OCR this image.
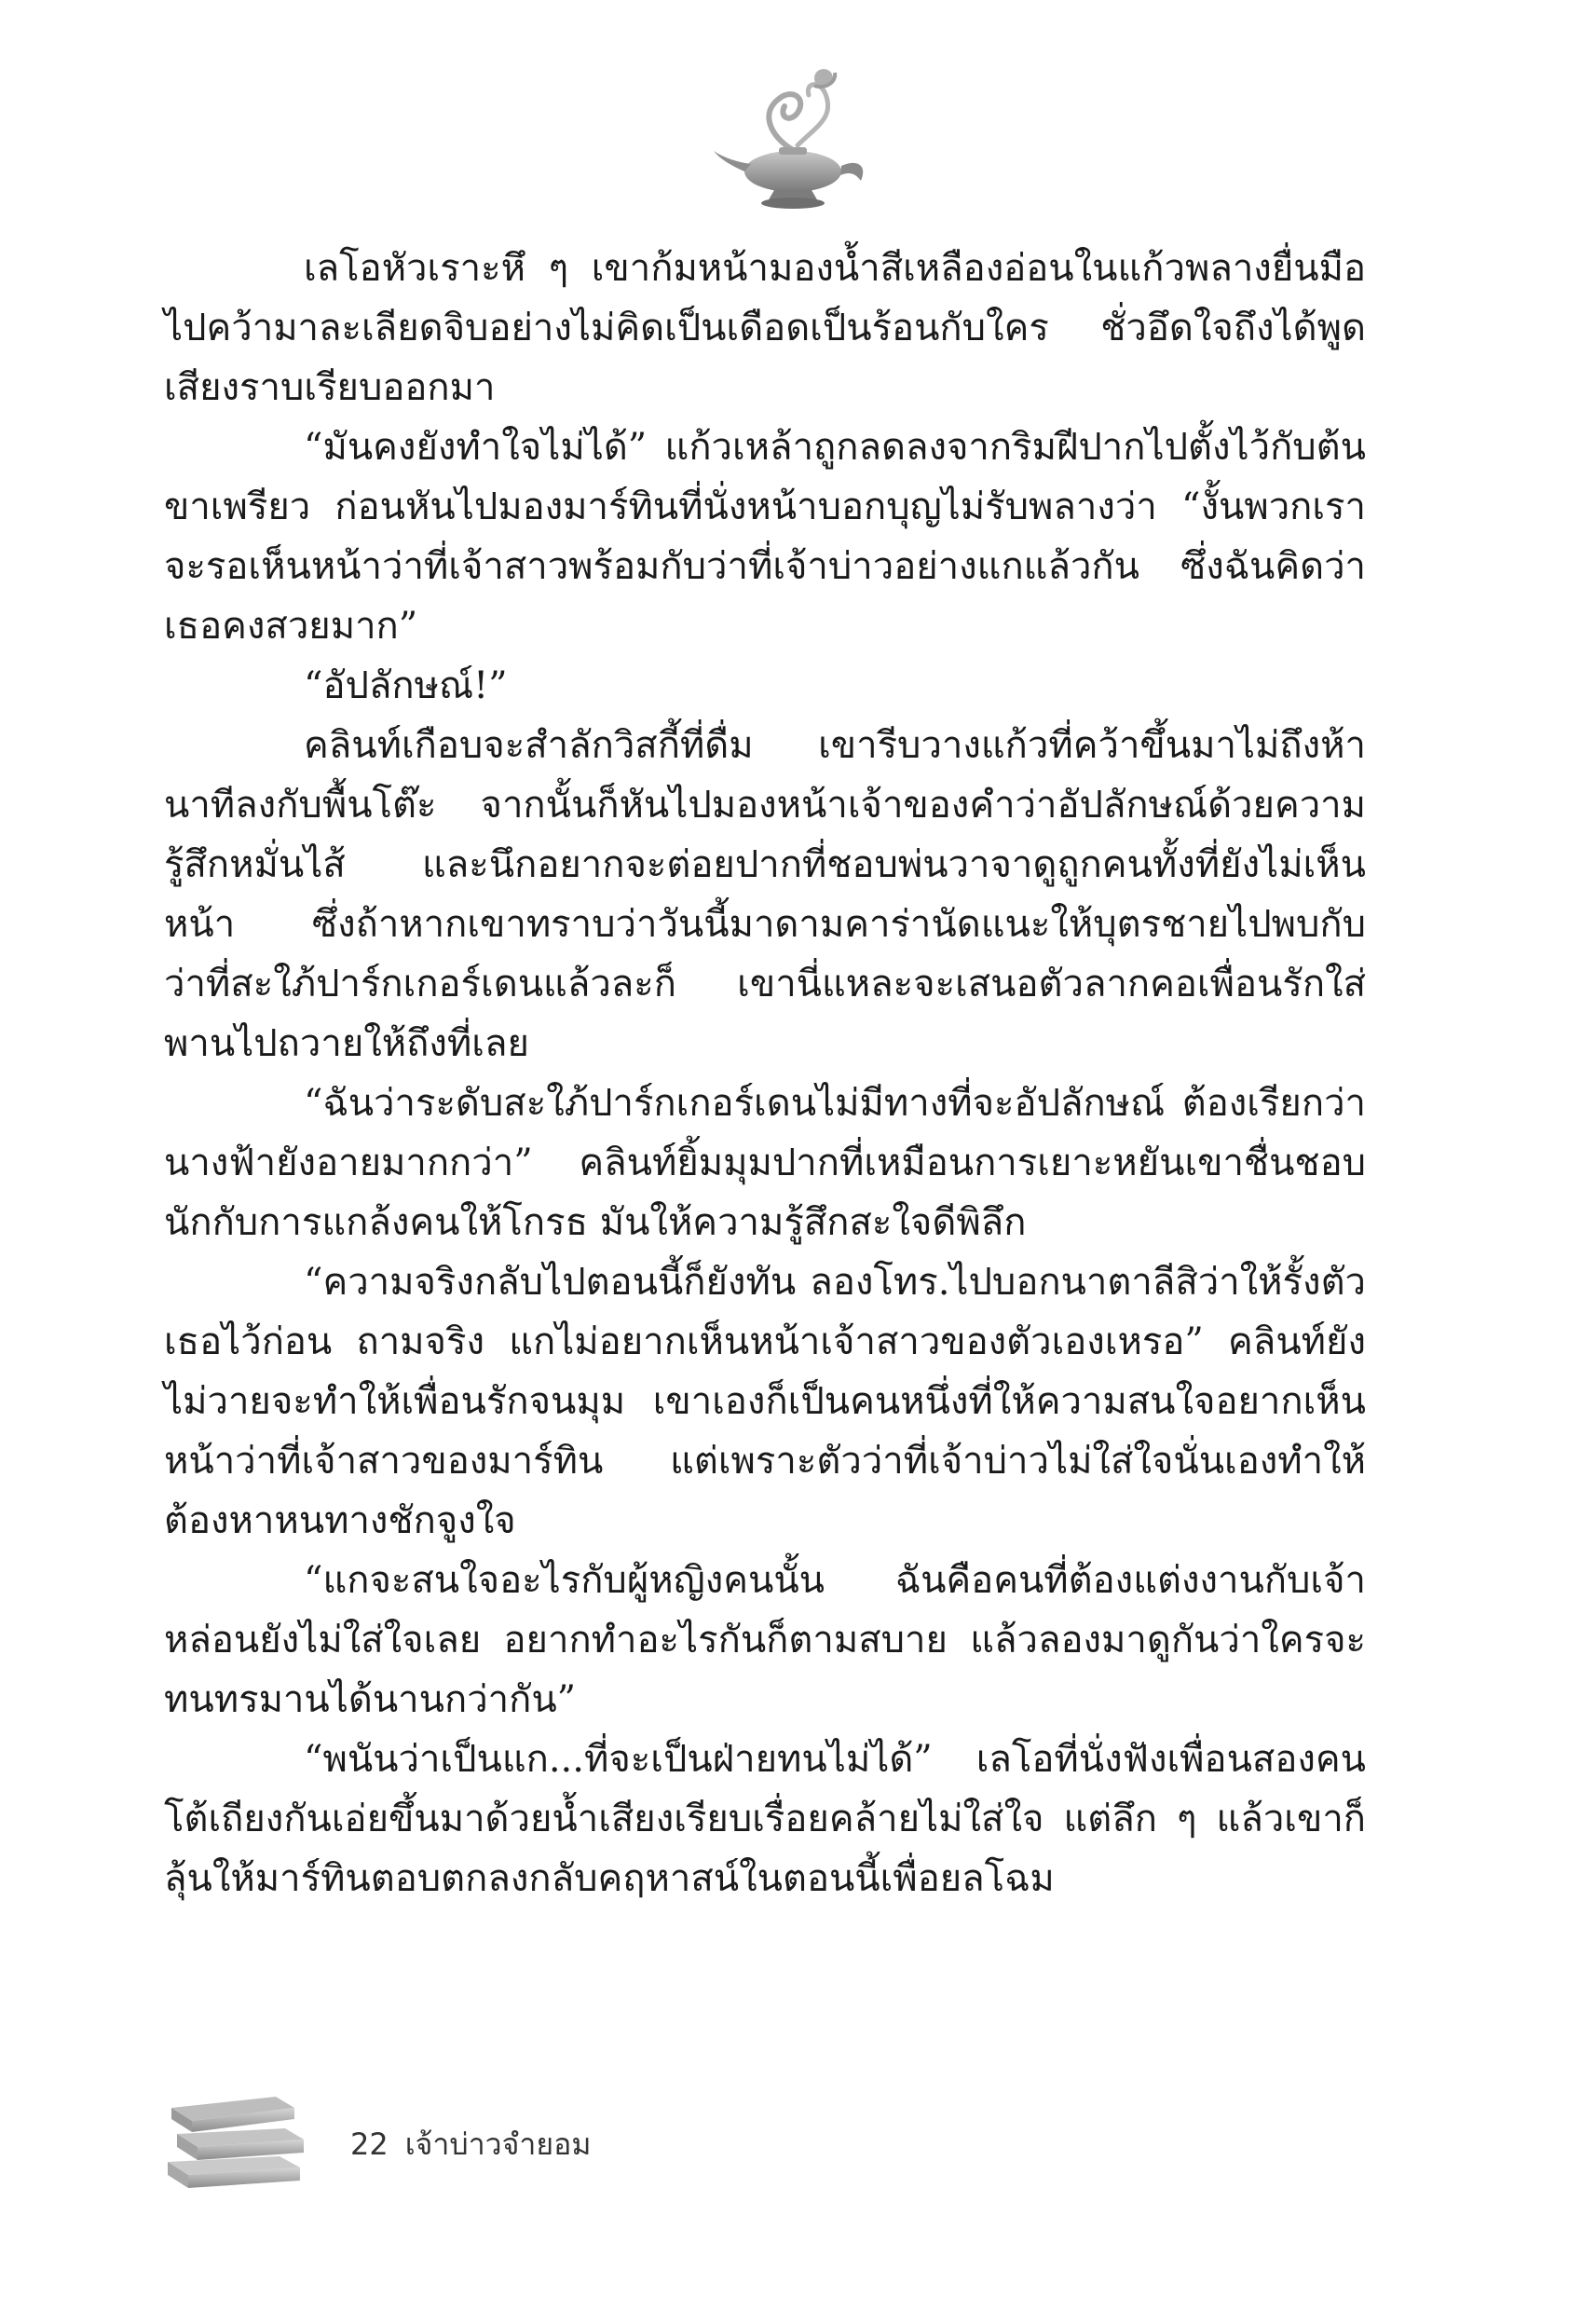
เลโอหัวเราะหึ ๆ เขาก้มหน้ามองน้ำสีเหลืองอ่อนในแก้วพลางยื่นมือไปคว้ามาละเลียดจิบอย่างไม่คิดเป็นเดือดเป็นร้อนกับใคร ชั่วอึดใจถึงได้พูดเสียงราบเรียบออกมา

“มันคงยังทำใจไม่ได้” แก้วเหล้าถูกลดลงจากริมฝีปากไปตั้งไว้กับต้นขาเพรียว ก่อนหันไปมองมาร์ทินที่นั่งหน้าบอกบุญไม่รับพลางว่า “งั้นพวกเราจะรอเห็นหน้าว่าที่เจ้าสาวพร้อมกับว่าที่เจ้าบ่าวอย่างแกแล้วกัน ซึ่งฉันคิดว่าเธอคงสวยมาก”

“อัปลักษณ์!”

คลินท์เกือบจะสำลักวิสกี้ที่ดื่ม เขารีบวางแก้วที่คว้าขึ้นมาไม่ถึงห้านาทีลงกับพื้นโต๊ะ จากนั้นก็หันไปมองหน้าเจ้าของคำว่าอัปลักษณ์ด้วยความรู้สึกหมั่นไส้ และนึกอยากจะต่อยปากที่ชอบพ่นวาจาดูถูกคนทั้งที่ยังไม่เห็นหน้า ซึ่งถ้าหากเขาทราบว่าวันนี้มาดามคาร่านัดแนะให้บุตรชายไปพบกับว่าที่สะใภ้ปาร์กเกอร์เดนแล้วละก็ เขานี่แหละจะเสนอตัวลากคอเพื่อนรักใส่พานไปถวายให้ถึงที่เลย

“ฉันว่าระดับสะใภ้ปาร์กเกอร์เดนไม่มีทางที่จะอัปลักษณ์ ต้องเรียกว่านางฟ้ายังอายมากกว่า” คลินท์ยิ้มมุมปากที่เหมือนการเยาะหยันเขาชื่นชอบนักกับการแกล้งคนให้โกรธ มันให้ความรู้สึกสะใจดีพิลึก

“ความจริงกลับไปตอนนี้ก็ยังทัน ลองโทร.ไปบอกนาตาลีสิว่าให้รั้งตัวเธอไว้ก่อน ถามจริง แกไม่อยากเห็นหน้าเจ้าสาวของตัวเองเหรอ” คลินท์ยังไม่วายจะทำให้เพื่อนรักจนมุม เขาเองก็เป็นคนหนึ่งที่ให้ความสนใจอยากเห็นหน้าว่าที่เจ้าสาวของมาร์ทิน แต่เพราะตัวว่าที่เจ้าบ่าวไม่ใส่ใจนั่นเองทำให้ต้องหาหนทางชักจูงใจ

“แกจะสนใจอะไรกับผู้หญิงคนนั้น ฉันคือคนที่ต้องแต่งงานกับเจ้าหล่อนยังไม่ใส่ใจเลย อยากทำอะไรกันก็ตามสบาย แล้วลองมาดูกันว่าใครจะทนทรมานได้นานกว่ากัน”

“พนันว่าเป็นแก...ที่จะเป็นฝ่ายทนไม่ได้” เลโอที่นั่งฟังเพื่อนสองคนโต้เถียงกันเอ่ยขึ้นมาด้วยน้ำเสียงเรียบเรื่อยคล้ายไม่ใส่ใจ แต่ลึก ๆ แล้วเขาก็ลุ้นให้มาร์ทินตอบตกลงกลับคฤหาสน์ในตอนนี้เพื่อยลโฉม

22 เจ้าบ่าวจำยอม
